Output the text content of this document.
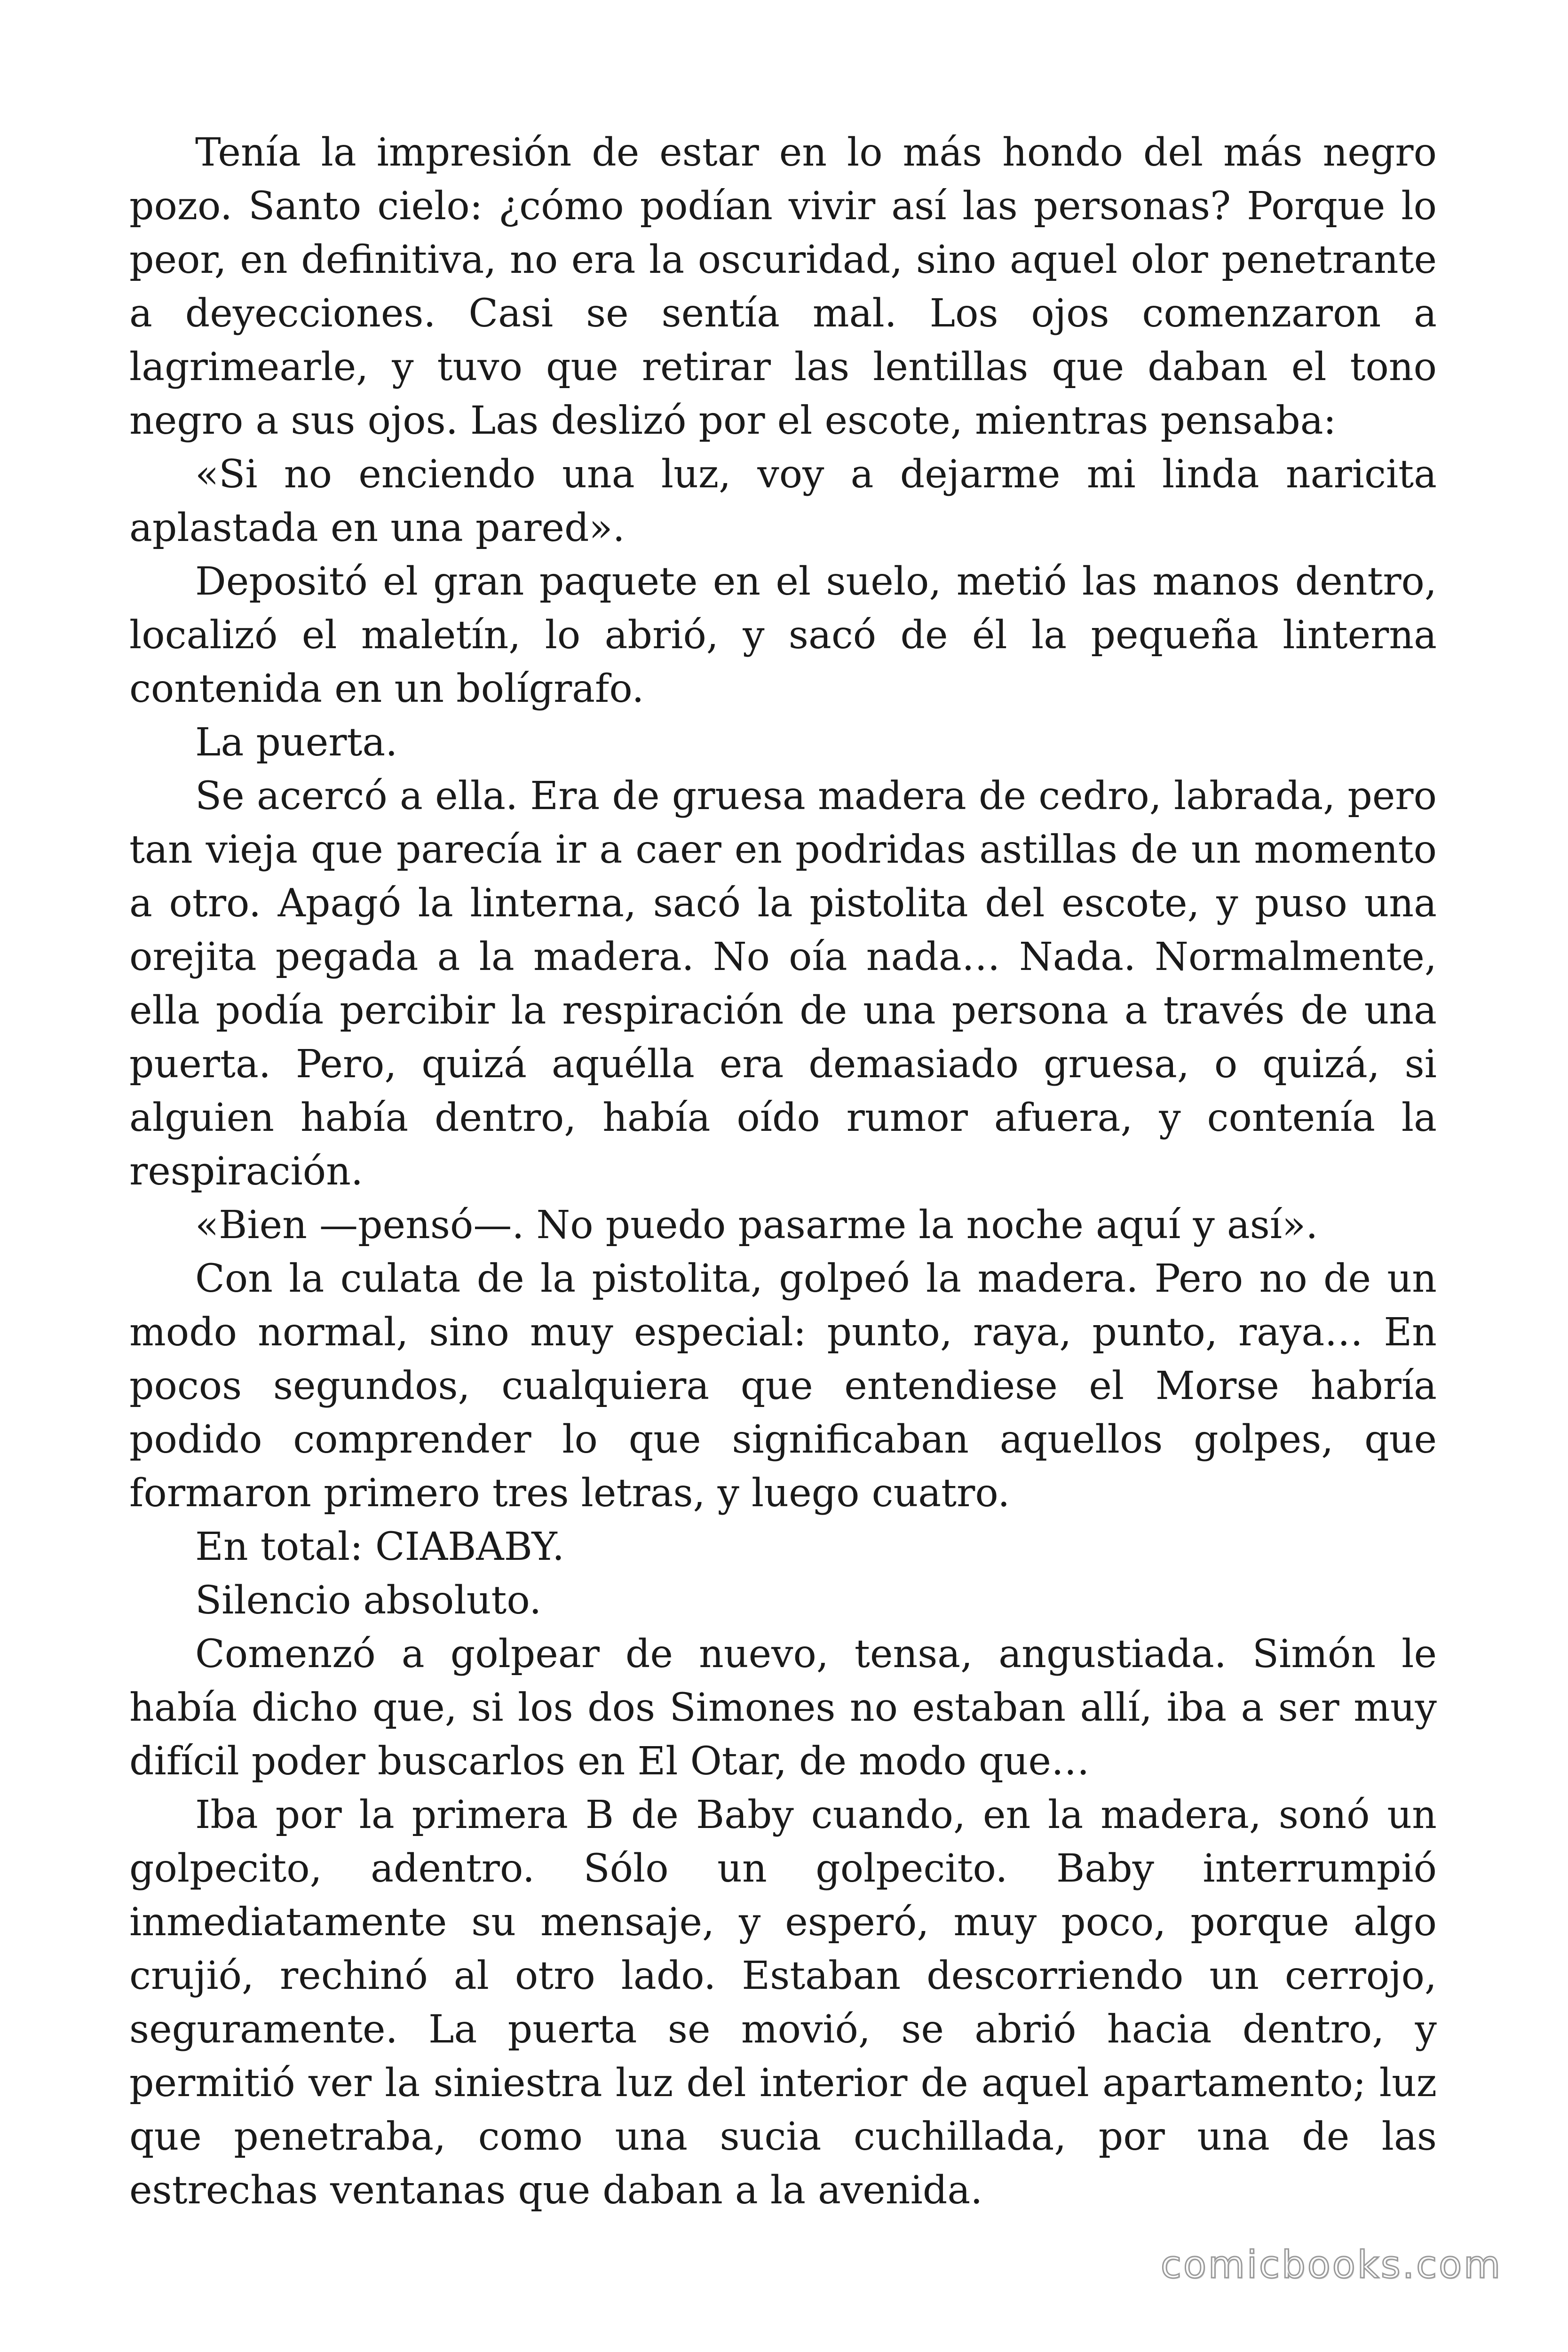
Tenía la impresión de estar en lo más hondo del más negro pozo. Santo cielo: ¿cómo podían vivir así las personas? Porque lo peor, en definitiva, no era la oscuridad, sino aquel olor penetrante a deyecciones. Casi se sentía mal. Los ojos comenzaron a lagrimearle, y tuvo que retirar las lentillas que daban el tono negro a sus ojos. Las deslizó por el escote, mientras pensaba:

«Si no enciendo una luz, voy a dejarme mi linda naricita aplastada en una pared».

Depositó el gran paquete en el suelo, metió las manos dentro, localizó el maletín, lo abrió, y sacó de él la pequeña linterna contenida en un bolígrafo.

La puerta.

Se acercó a ella. Era de gruesa madera de cedro, labrada, pero tan vieja que parecía ir a caer en podridas astillas de un momento a otro. Apagó la linterna, sacó la pistolita del escote, y puso una orejita pegada a la madera. No oía nada… Nada. Normalmente, ella podía percibir la respiración de una persona a través de una puerta. Pero, quizá aquélla era demasiado gruesa, o quizá, si alguien había dentro, había oído rumor afuera, y contenía la respiración.

«Bien —pensó—. No puedo pasarme la noche aquí y así».

Con la culata de la pistolita, golpeó la madera. Pero no de un modo normal, sino muy especial: punto, raya, punto, raya… En pocos segundos, cualquiera que entendiese el Morse habría podido comprender lo que significaban aquellos golpes, que formaron primero tres letras, y luego cuatro.

En total: CIABABY.

Silencio absoluto.

Comenzó a golpear de nuevo, tensa, angustiada. Simón le había dicho que, si los dos Simones no estaban allí, iba a ser muy difícil poder buscarlos en El Otar, de modo que…

Iba por la primera B de Baby cuando, en la madera, sonó un golpecito, adentro. Sólo un golpecito. Baby interrumpió inmediatamente su mensaje, y esperó, muy poco, porque algo crujió, rechinó al otro lado. Estaban descorriendo un cerrojo, seguramente. La puerta se movió, se abrió hacia dentro, y permitió ver la siniestra luz del interior de aquel apartamento; luz que penetraba, como una sucia cuchillada, por una de las estrechas ventanas que daban a la avenida.

comicbooks.com
